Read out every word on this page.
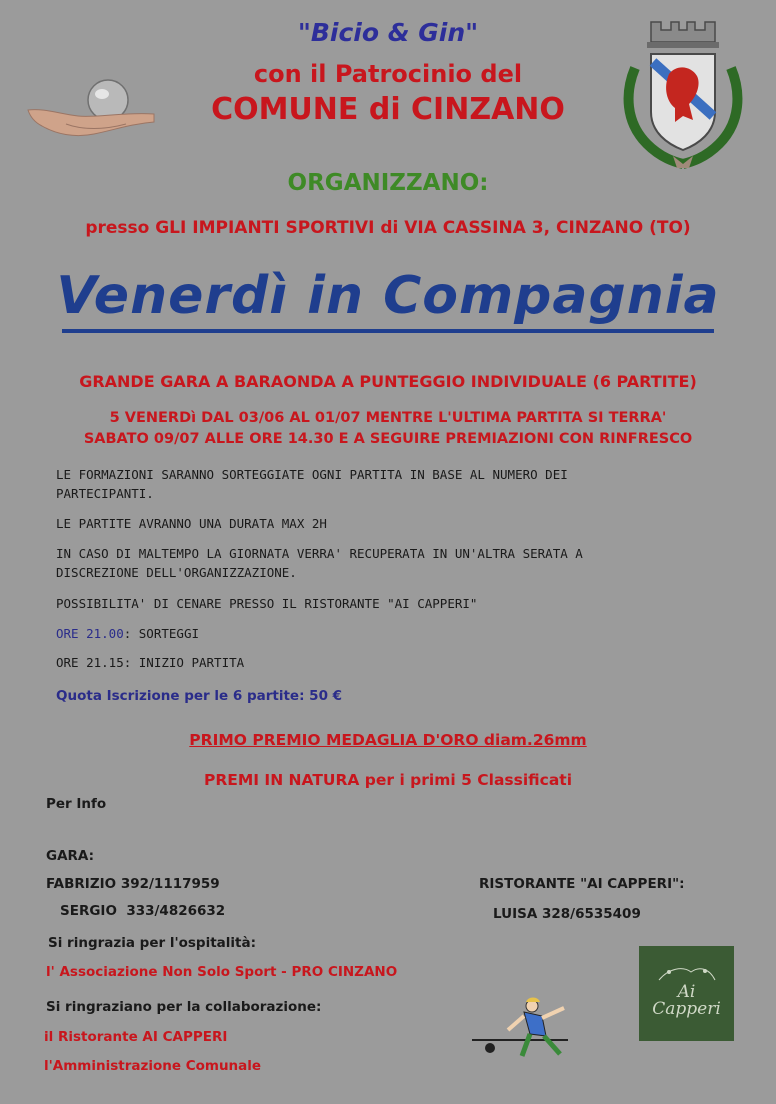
"Bicio & Gin"
con il Patrocinio del
COMUNE di CINZANO
ORGANIZZANO:
presso GLI IMPIANTI SPORTIVI di VIA CASSINA 3, CINZANO (TO)
Venerdì in Compagnia
GRANDE GARA A BARAONDA A PUNTEGGIO INDIVIDUALE (6 PARTITE)
5 VENERDì DAL 03/06 AL 01/07 MENTRE L'ULTIMA PARTITA SI TERRA'
SABATO 09/07 ALLE ORE 14.30 E A SEGUIRE PREMIAZIONI CON RINFRESCO
LE FORMAZIONI SARANNO SORTEGGIATE OGNI PARTITA IN BASE AL NUMERO DEI
PARTECIPANTI.
LE PARTITE AVRANNO UNA DURATA MAX 2H
IN CASO DI MALTEMPO LA GIORNATA VERRA' RECUPERATA IN UN'ALTRA SERATA A
DISCREZIONE DELL'ORGANIZZAZIONE.
POSSIBILITA' DI CENARE PRESSO IL RISTORANTE "AI CAPPERI"
ORE 21.00: SORTEGGI
ORE 21.15: INIZIO PARTITA
Quota Iscrizione per le 6 partite: 50 €
PRIMO PREMIO MEDAGLIA D'ORO diam.26mm
PREMI IN NATURA per i primi 5 Classificati
Per Info
GARA:
FABRIZIO 392/1117959
SERGIO  333/4826632
RISTORANTE "AI CAPPERI":
LUISA 328/6535409
Si ringrazia per l'ospitalità:
l' Associazione Non Solo Sport - PRO CINZANO
Si ringraziano per la collaborazione:
il Ristorante AI CAPPERI
l'Amministrazione Comunale
Ai
Capperi
